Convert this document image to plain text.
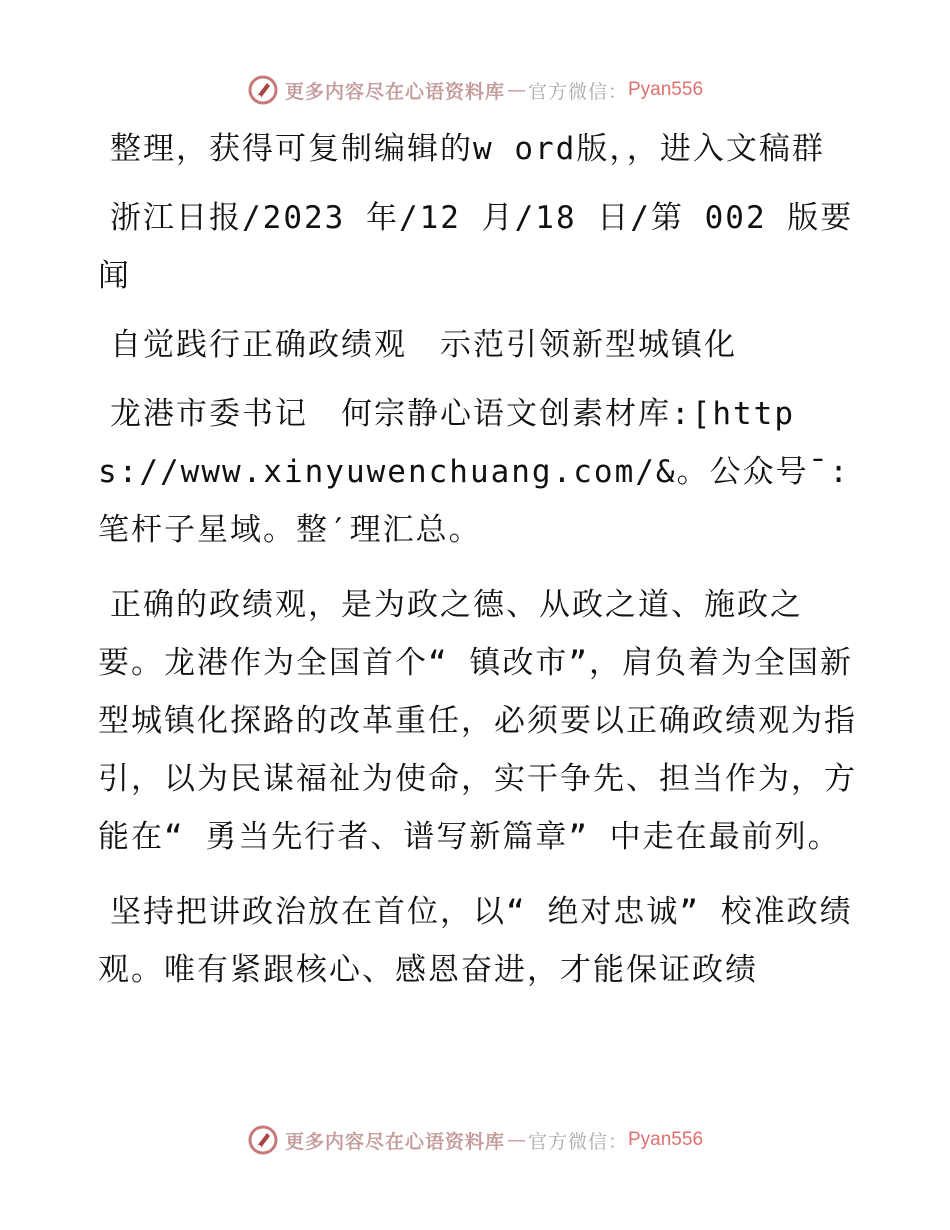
更多内容尽在心语资料库 — 官方微信： Pyan556

整理，获得可复制编辑的w ord版，，进入文稿群

浙江日报/2023 年/12 月/18 日/第 002 版要闻

自觉践行正确政绩观　示范引领新型城镇化

龙港市委书记　何宗静心语文创素材库:[https://www.xinyuwenchuang.com/&。公众号¯:笔杆子星域。整′理汇总。

正确的政绩观，是为政之德、从政之道、施政之要。龙港作为全国首个“ 镇改市”，肩负着为全国新型城镇化探路的改革重任，必须要以正确政绩观为指引，以为民谋福祉为使命，实干争先、担当作为，方能在“ 勇当先行者、谱写新篇章” 中走在最前列。

坚持把讲政治放在首位，以“ 绝对忠诚” 校准政绩观。唯有紧跟核心、感恩奋进，才能保证政绩

更多内容尽在心语资料库 — 官方微信： Pyan556
